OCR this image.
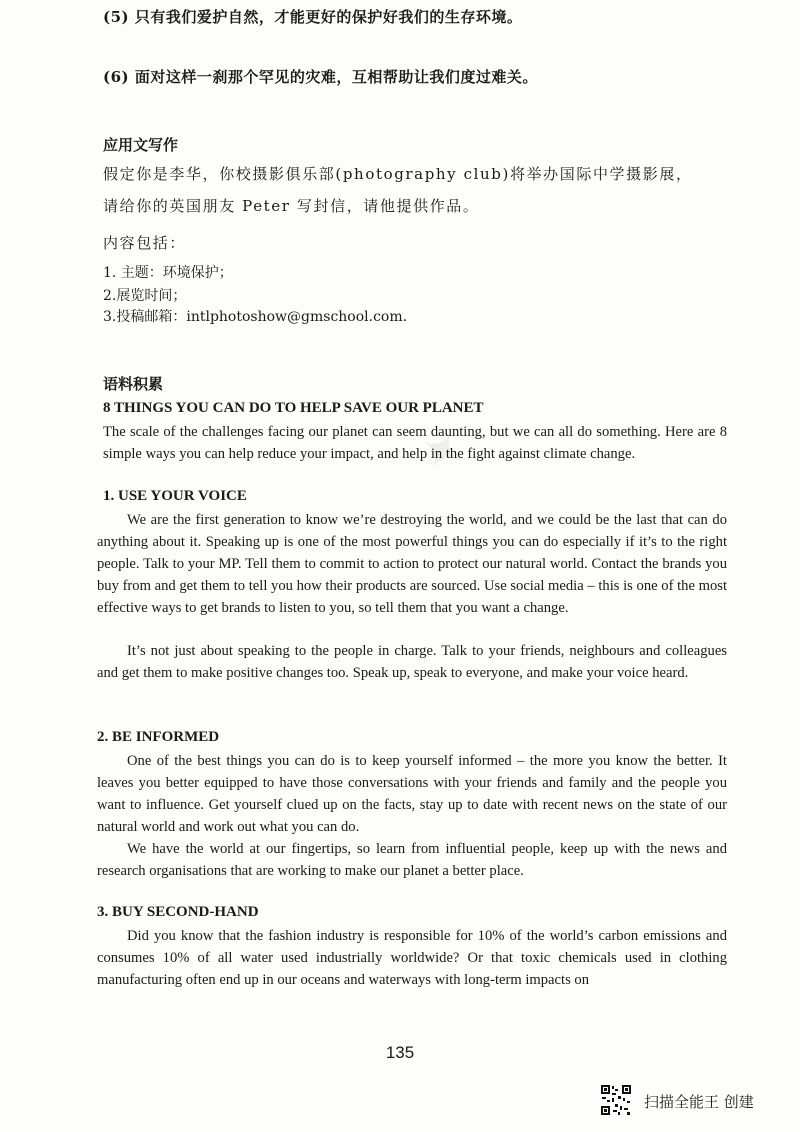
✦
(5) 只有我们爱护自然，才能更好的保护好我们的生存环境。
(6) 面对这样一刹那个罕见的灾难，互相帮助让我们度过难关。
应用文写作
假定你是李华，你校摄影俱乐部(photography club)将举办国际中学摄影展，
请给你的英国朋友 Peter 写封信，请他提供作品。
内容包括：
1. 主题：环境保护；
2.展览时间；
3.投稿邮箱：intlphotoshow@gmschool.com.
语料积累
8 THINGS YOU CAN DO TO HELP SAVE OUR PLANET
The scale of the challenges facing our planet can seem daunting, but we can all do something. Here are 8 simple ways you can help reduce your impact, and help in the fight against climate change.
1. USE YOUR VOICE
We are the first generation to know we’re destroying the world, and we could be the last that can do anything about it. Speaking up is one of the most powerful things you can do especially if it’s to the right people. Talk to your MP. Tell them to commit to action to protect our natural world. Contact the brands you buy from and get them to tell you how their products are sourced. Use social media – this is one of the most effective ways to get brands to listen to you, so tell them that you want a change.
It’s not just about speaking to the people in charge. Talk to your friends, neighbours and colleagues and get them to make positive changes too. Speak up, speak to everyone, and make your voice heard.
2. BE INFORMED
One of the best things you can do is to keep yourself informed – the more you know the better. It leaves you better equipped to have those conversations with your friends and family and the people you want to influence. Get yourself clued up on the facts, stay up to date with recent news on the state of our natural world and work out what you can do.
We have the world at our fingertips, so learn from influential people, keep up with the news and research organisations that are working to make our planet a better place.
3. BUY SECOND-HAND
Did you know that the fashion industry is responsible for 10% of the world’s carbon emissions and consumes 10% of all water used industrially worldwide? Or that toxic chemicals used in clothing manufacturing often end up in our oceans and waterways with long-term impacts on
135
扫描全能王 创建
